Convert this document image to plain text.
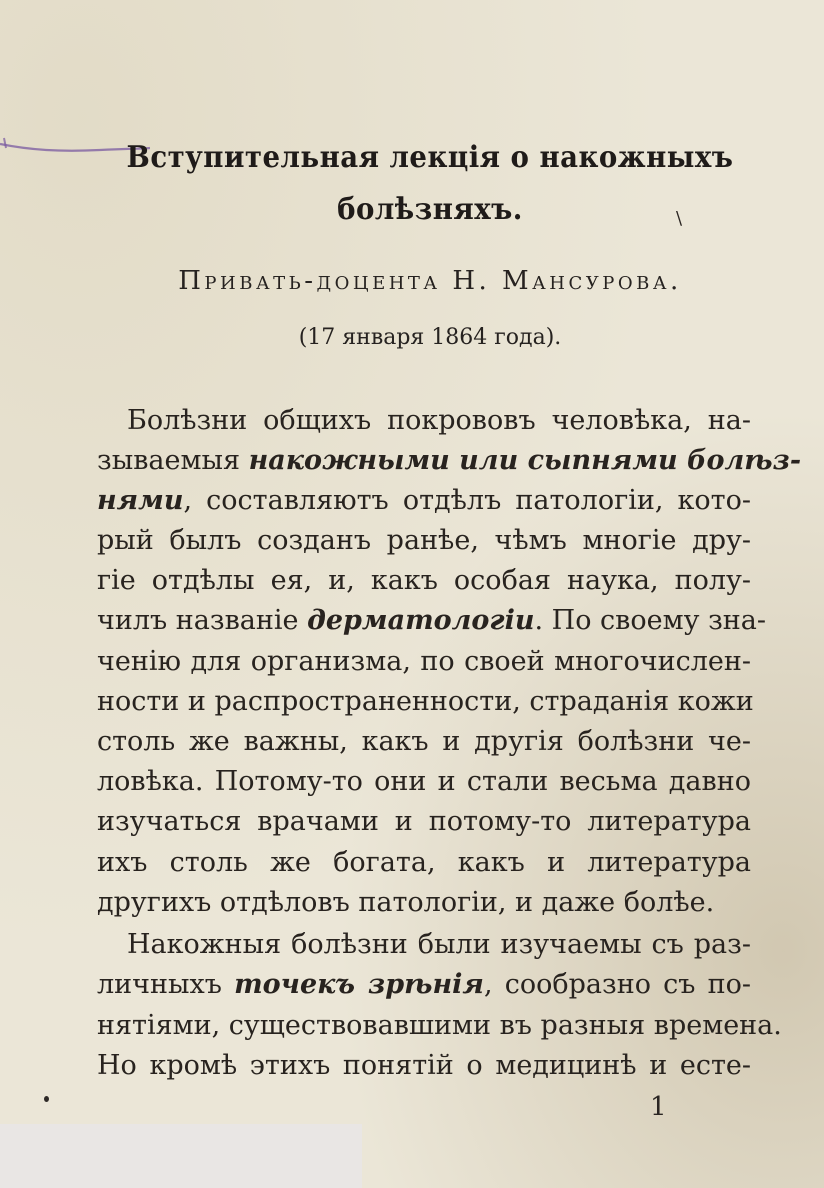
Вступительная лекція о накожныхъ
болѣзняхъ.	\
Привать-доцента Н. Мансурова.
(17 января 1864 года).
Болѣзни общихъ покрововъ человѣка, на-
зываемыя накожными или сыпнями болѣз-
нями, составляютъ отдѣлъ патологіи, кото-
рый былъ созданъ ранѣе, чѣмъ многіе дру-
гіе отдѣлы ея, и, какъ особая наука, полу-
чилъ названіе дерматологіи. По своему зна-
ченію для организма, по своей многочислен-
ности и распространенности, страданія кожи
столь же важны, какъ и другія болѣзни че-
ловѣка. Потому-то они и стали весьма давно
изучаться врачами и потому-то литература
ихъ столь же богата, какъ и литература
другихъ отдѣловъ патологіи, и даже болѣе.
Накожныя болѣзни были изучаемы съ раз-
личныхъ точекъ зрѣнія, сообразно съ по-
нятіями, существовавшими въ разныя времена.
Но кромѣ этихъ понятій о медицинѣ и есте-
1
